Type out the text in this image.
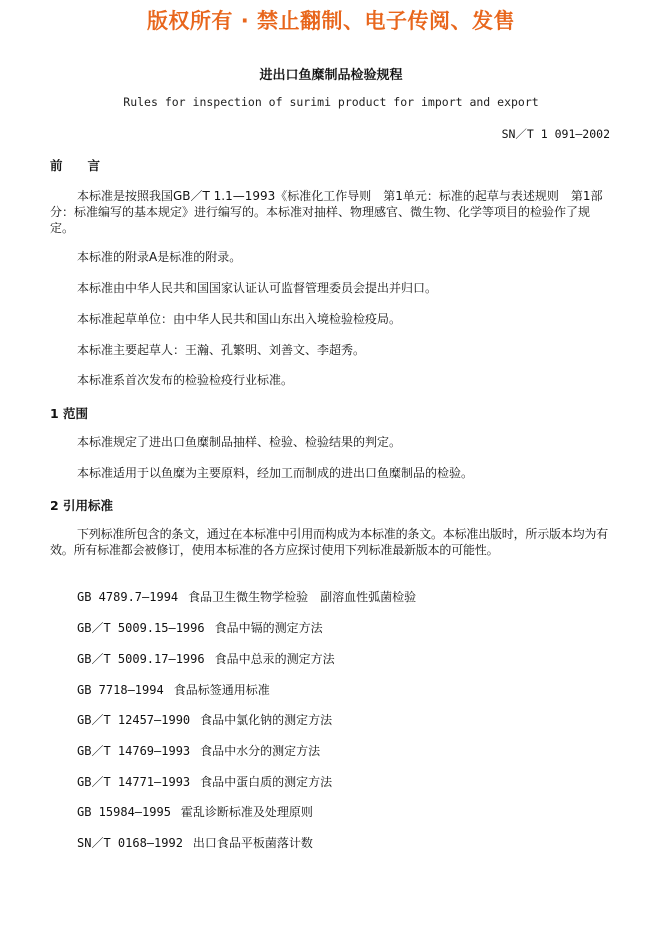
版权所有 · 禁止翻制、电子传阅、发售
进出口鱼糜制品检验规程
Rules for inspection of surimi product for import and export
SN／T 1 091—2002
前　　言

本标准是按照我国GB／T 1.1—1993《标准化工作导则　第1单元：标准的起草与表述规则　第1部分：标准编写的基本规定》进行编写的。本标准对抽样、物理感官、微生物、化学等项目的检验作了规定。

本标准的附录A是标准的附录。

本标准由中华人民共和国国家认证认可监督管理委员会提出并归口。

本标准起草单位：由中华人民共和国山东出入境检验检疫局。

本标准主要起草人：王瀚、孔繁明、刘善文、李超秀。

本标准系首次发布的检验检疫行业标准。

1 范围

本标准规定了进出口鱼糜制品抽样、检验、检验结果的判定。

本标准适用于以鱼糜为主要原料，经加工而制成的进出口鱼糜制品的检验。

2 引用标准

下列标准所包含的条文，通过在本标准中引用而构成为本标准的条文。本标准出版时，所示版本均为有效。所有标准都会被修订，使用本标准的各方应探讨使用下列标准最新版本的可能性。

GB 4789.7—1994 食品卫生微生物学检验　副溶血性弧菌检验
GB／T 5009.15—1996 食品中镉的测定方法
GB／T 5009.17—1996 食品中总汞的测定方法
GB 7718—1994 食品标签通用标准
GB／T 12457—1990 食品中氯化钠的测定方法
GB／T 14769—1993 食品中水分的测定方法
GB／T 14771—1993 食品中蛋白质的测定方法
GB 15984—1995 霍乱诊断标准及处理原则
SN／T 0168—1992 出口食品平板菌落计数
